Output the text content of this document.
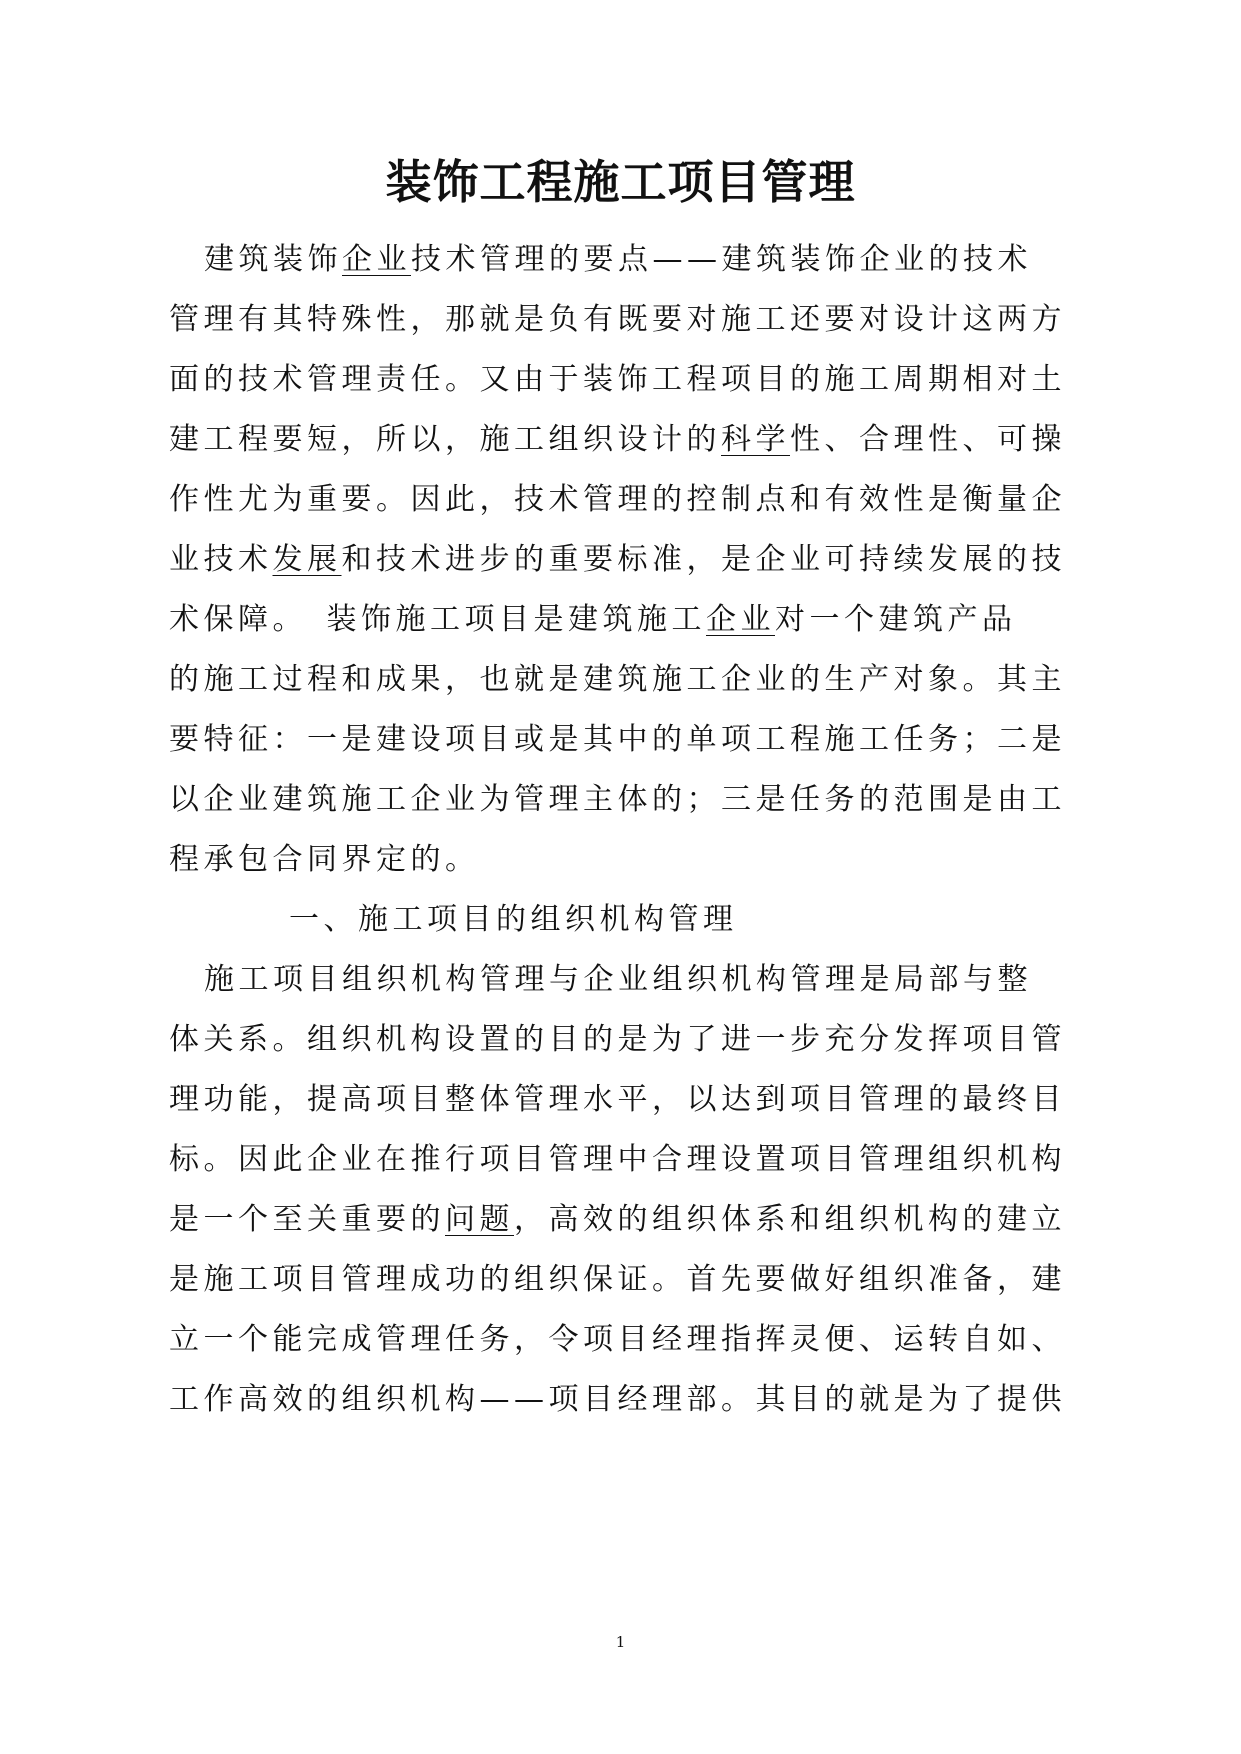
装饰工程施工项目管理
建筑装饰企业技术管理的要点——建筑装饰企业的技术
管理有其特殊性，那就是负有既要对施工还要对设计这两方
面的技术管理责任。又由于装饰工程项目的施工周期相对土
建工程要短，所以，施工组织设计的科学性、合理性、可操
作性尤为重要。因此，技术管理的控制点和有效性是衡量企
业技术发展和技术进步的重要标准，是企业可持续发展的技
术保障。　装饰施工项目是建筑施工企业对一个建筑产品
的施工过程和成果，也就是建筑施工企业的生产对象。其主
要特征：一是建设项目或是其中的单项工程施工任务；二是
以企业建筑施工企业为管理主体的；三是任务的范围是由工
程承包合同界定的。
一、施工项目的组织机构管理
施工项目组织机构管理与企业组织机构管理是局部与整
体关系。组织机构设置的目的是为了进一步充分发挥项目管
理功能，提高项目整体管理水平，以达到项目管理的最终目
标。因此企业在推行项目管理中合理设置项目管理组织机构
是一个至关重要的问题，高效的组织体系和组织机构的建立
是施工项目管理成功的组织保证。首先要做好组织准备，建
立一个能完成管理任务，令项目经理指挥灵便、运转自如、
工作高效的组织机构——项目经理部。其目的就是为了提供
1
